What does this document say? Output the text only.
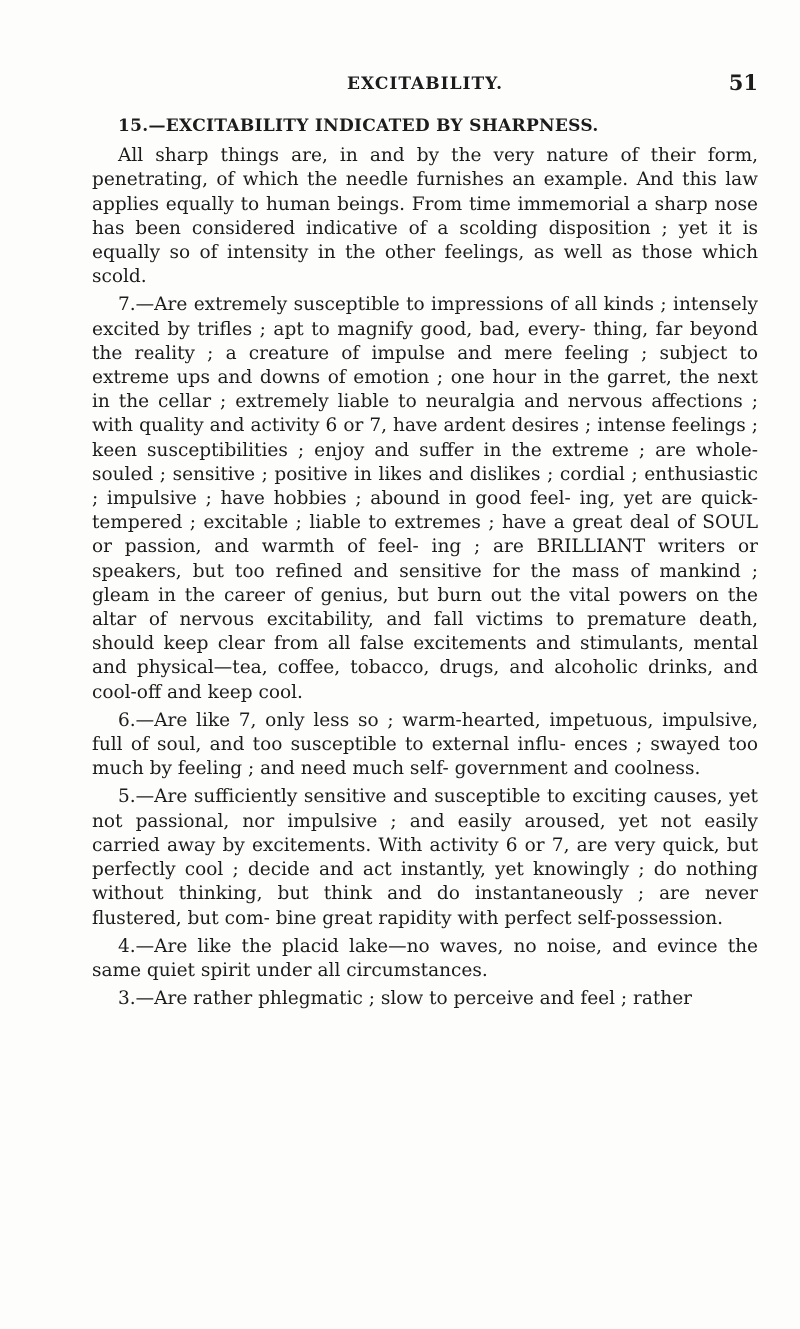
EXCITABILITY.	51
15.—EXCITABILITY INDICATED BY SHARPNESS.

All sharp things are, in and by the very nature of their form, penetrating, of which the needle furnishes an example. And this law applies equally to human beings. From time immemorial a sharp nose has been considered indicative of a scolding disposition ; yet it is equally so of intensity in the other feelings, as well as those which scold.

7.—Are extremely susceptible to impressions of all kinds ; intensely excited by trifles ; apt to magnify good, bad, every- thing, far beyond the reality ; a creature of impulse and mere feeling ; subject to extreme ups and downs of emotion ; one hour in the garret, the next in the cellar ; extremely liable to neuralgia and nervous affections ; with quality and activity 6 or 7, have ardent desires ; intense feelings ; keen susceptibilities ; enjoy and suffer in the extreme ; are whole- souled ; sensitive ; positive in likes and dislikes ; cordial ; enthusiastic ; impulsive ; have hobbies ; abound in good feel- ing, yet are quick-tempered ; excitable ; liable to extremes ; have a great deal of SOUL or passion, and warmth of feel- ing ; are BRILLIANT writers or speakers, but too refined and sensitive for the mass of mankind ; gleam in the career of genius, but burn out the vital powers on the altar of nervous excitability, and fall victims to premature death, should keep clear from all false excitements and stimulants, mental and physical—tea, coffee, tobacco, drugs, and alcoholic drinks, and cool-off and keep cool.

6.—Are like 7, only less so ; warm-hearted, impetuous, impulsive, full of soul, and too susceptible to external influ- ences ; swayed too much by feeling ; and need much self- government and coolness.

5.—Are sufficiently sensitive and susceptible to exciting causes, yet not passional, nor impulsive ; and easily aroused, yet not easily carried away by excitements. With activity 6 or 7, are very quick, but perfectly cool ; decide and act instantly, yet knowingly ; do nothing without thinking, but think and do instantaneously ; are never flustered, but com- bine great rapidity with perfect self-possession.

4.—Are like the placid lake—no waves, no noise, and evince the same quiet spirit under all circumstances.

3.—Are rather phlegmatic ; slow to perceive and feel ; rather
